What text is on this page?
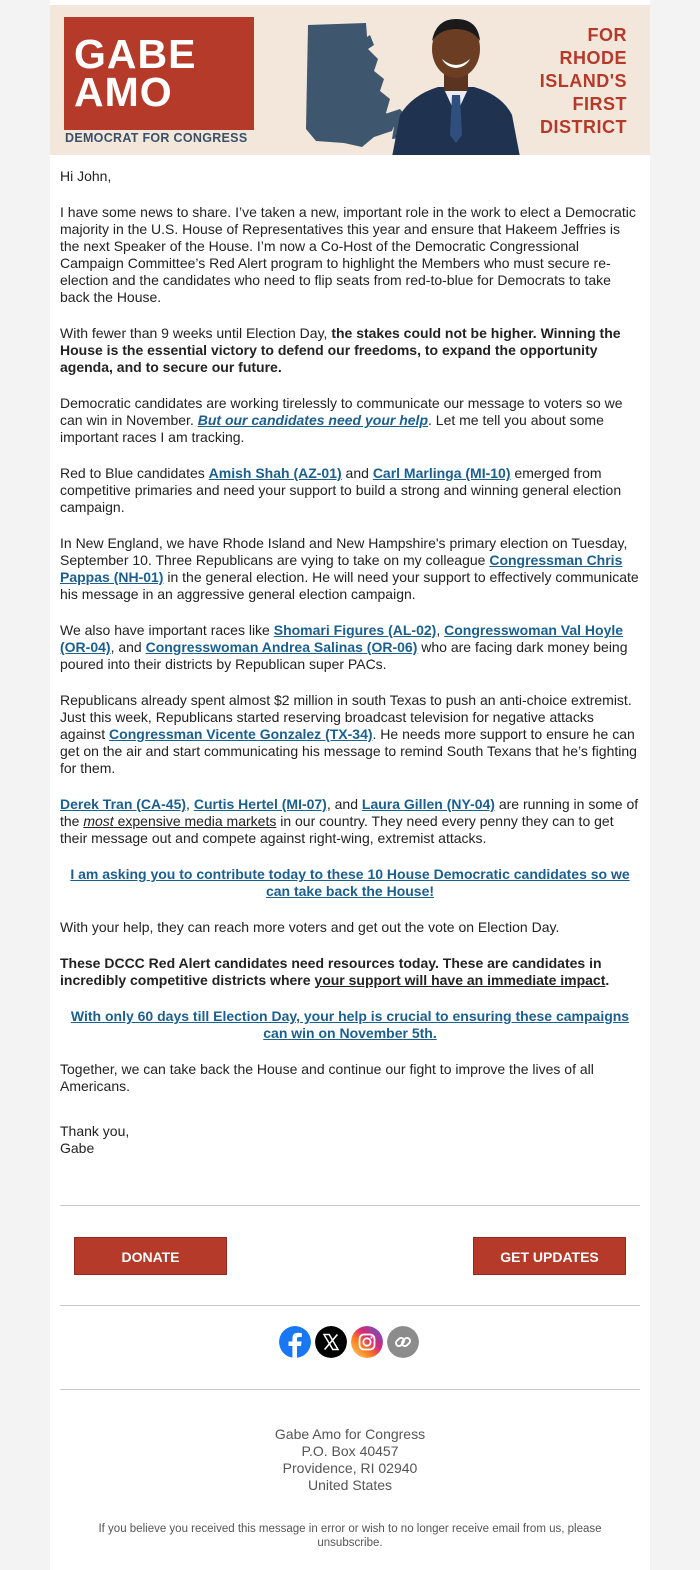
GABE
AMO
DEMOCRAT FOR CONGRESS
FOR
RHODE
ISLAND'S
FIRST
DISTRICT

Hi John,

I have some news to share. I’ve taken a new, important role in the work to elect a Democratic majority in the U.S. House of Representatives this year and ensure that Hakeem Jeffries is the next Speaker of the House. I’m now a Co-Host of the Democratic Congressional Campaign Committee’s Red Alert program to highlight the Members who must secure re-election and the candidates who need to flip seats from red-to-blue for Democrats to take back the House.

With fewer than 9 weeks until Election Day, the stakes could not be higher. Winning the House is the essential victory to defend our freedoms, to expand the opportunity agenda, and to secure our future.

Democratic candidates are working tirelessly to communicate our message to voters so we can win in November. But our candidates need your help. Let me tell you about some important races I am tracking.

Red to Blue candidates Amish Shah (AZ-01) and Carl Marlinga (MI-10) emerged from competitive primaries and need your support to build a strong and winning general election campaign.

In New England, we have Rhode Island and New Hampshire's primary election on Tuesday, September 10. Three Republicans are vying to take on my colleague Congressman Chris Pappas (NH-01) in the general election. He will need your support to effectively communicate his message in an aggressive general election campaign.

We also have important races like Shomari Figures (AL-02), Congresswoman Val Hoyle (OR-04), and Congresswoman Andrea Salinas (OR-06) who are facing dark money being poured into their districts by Republican super PACs.

Republicans already spent almost $2 million in south Texas to push an anti-choice extremist. Just this week, Republicans started reserving broadcast television for negative attacks against Congressman Vicente Gonzalez (TX-34). He needs more support to ensure he can get on the air and start communicating his message to remind South Texans that he’s fighting for them.

Derek Tran (CA-45), Curtis Hertel (MI-07), and Laura Gillen (NY-04) are running in some of the most expensive media markets in our country. They need every penny they can to get their message out and compete against right-wing, extremist attacks.

I am asking you to contribute today to these 10 House Democratic candidates so we can take back the House!

With your help, they can reach more voters and get out the vote on Election Day.

These DCCC Red Alert candidates need resources today. These are candidates in incredibly competitive districts where your support will have an immediate impact.

With only 60 days till Election Day, your help is crucial to ensuring these campaigns can win on November 5th.

Together, we can take back the House and continue our fight to improve the lives of all Americans.

Thank you,
Gabe

DONATE	GET UPDATES
Gabe Amo for Congress
P.O. Box 40457
Providence, RI 02940
United States
If you believe you received this message in error or wish to no longer receive email from us, please unsubscribe.
